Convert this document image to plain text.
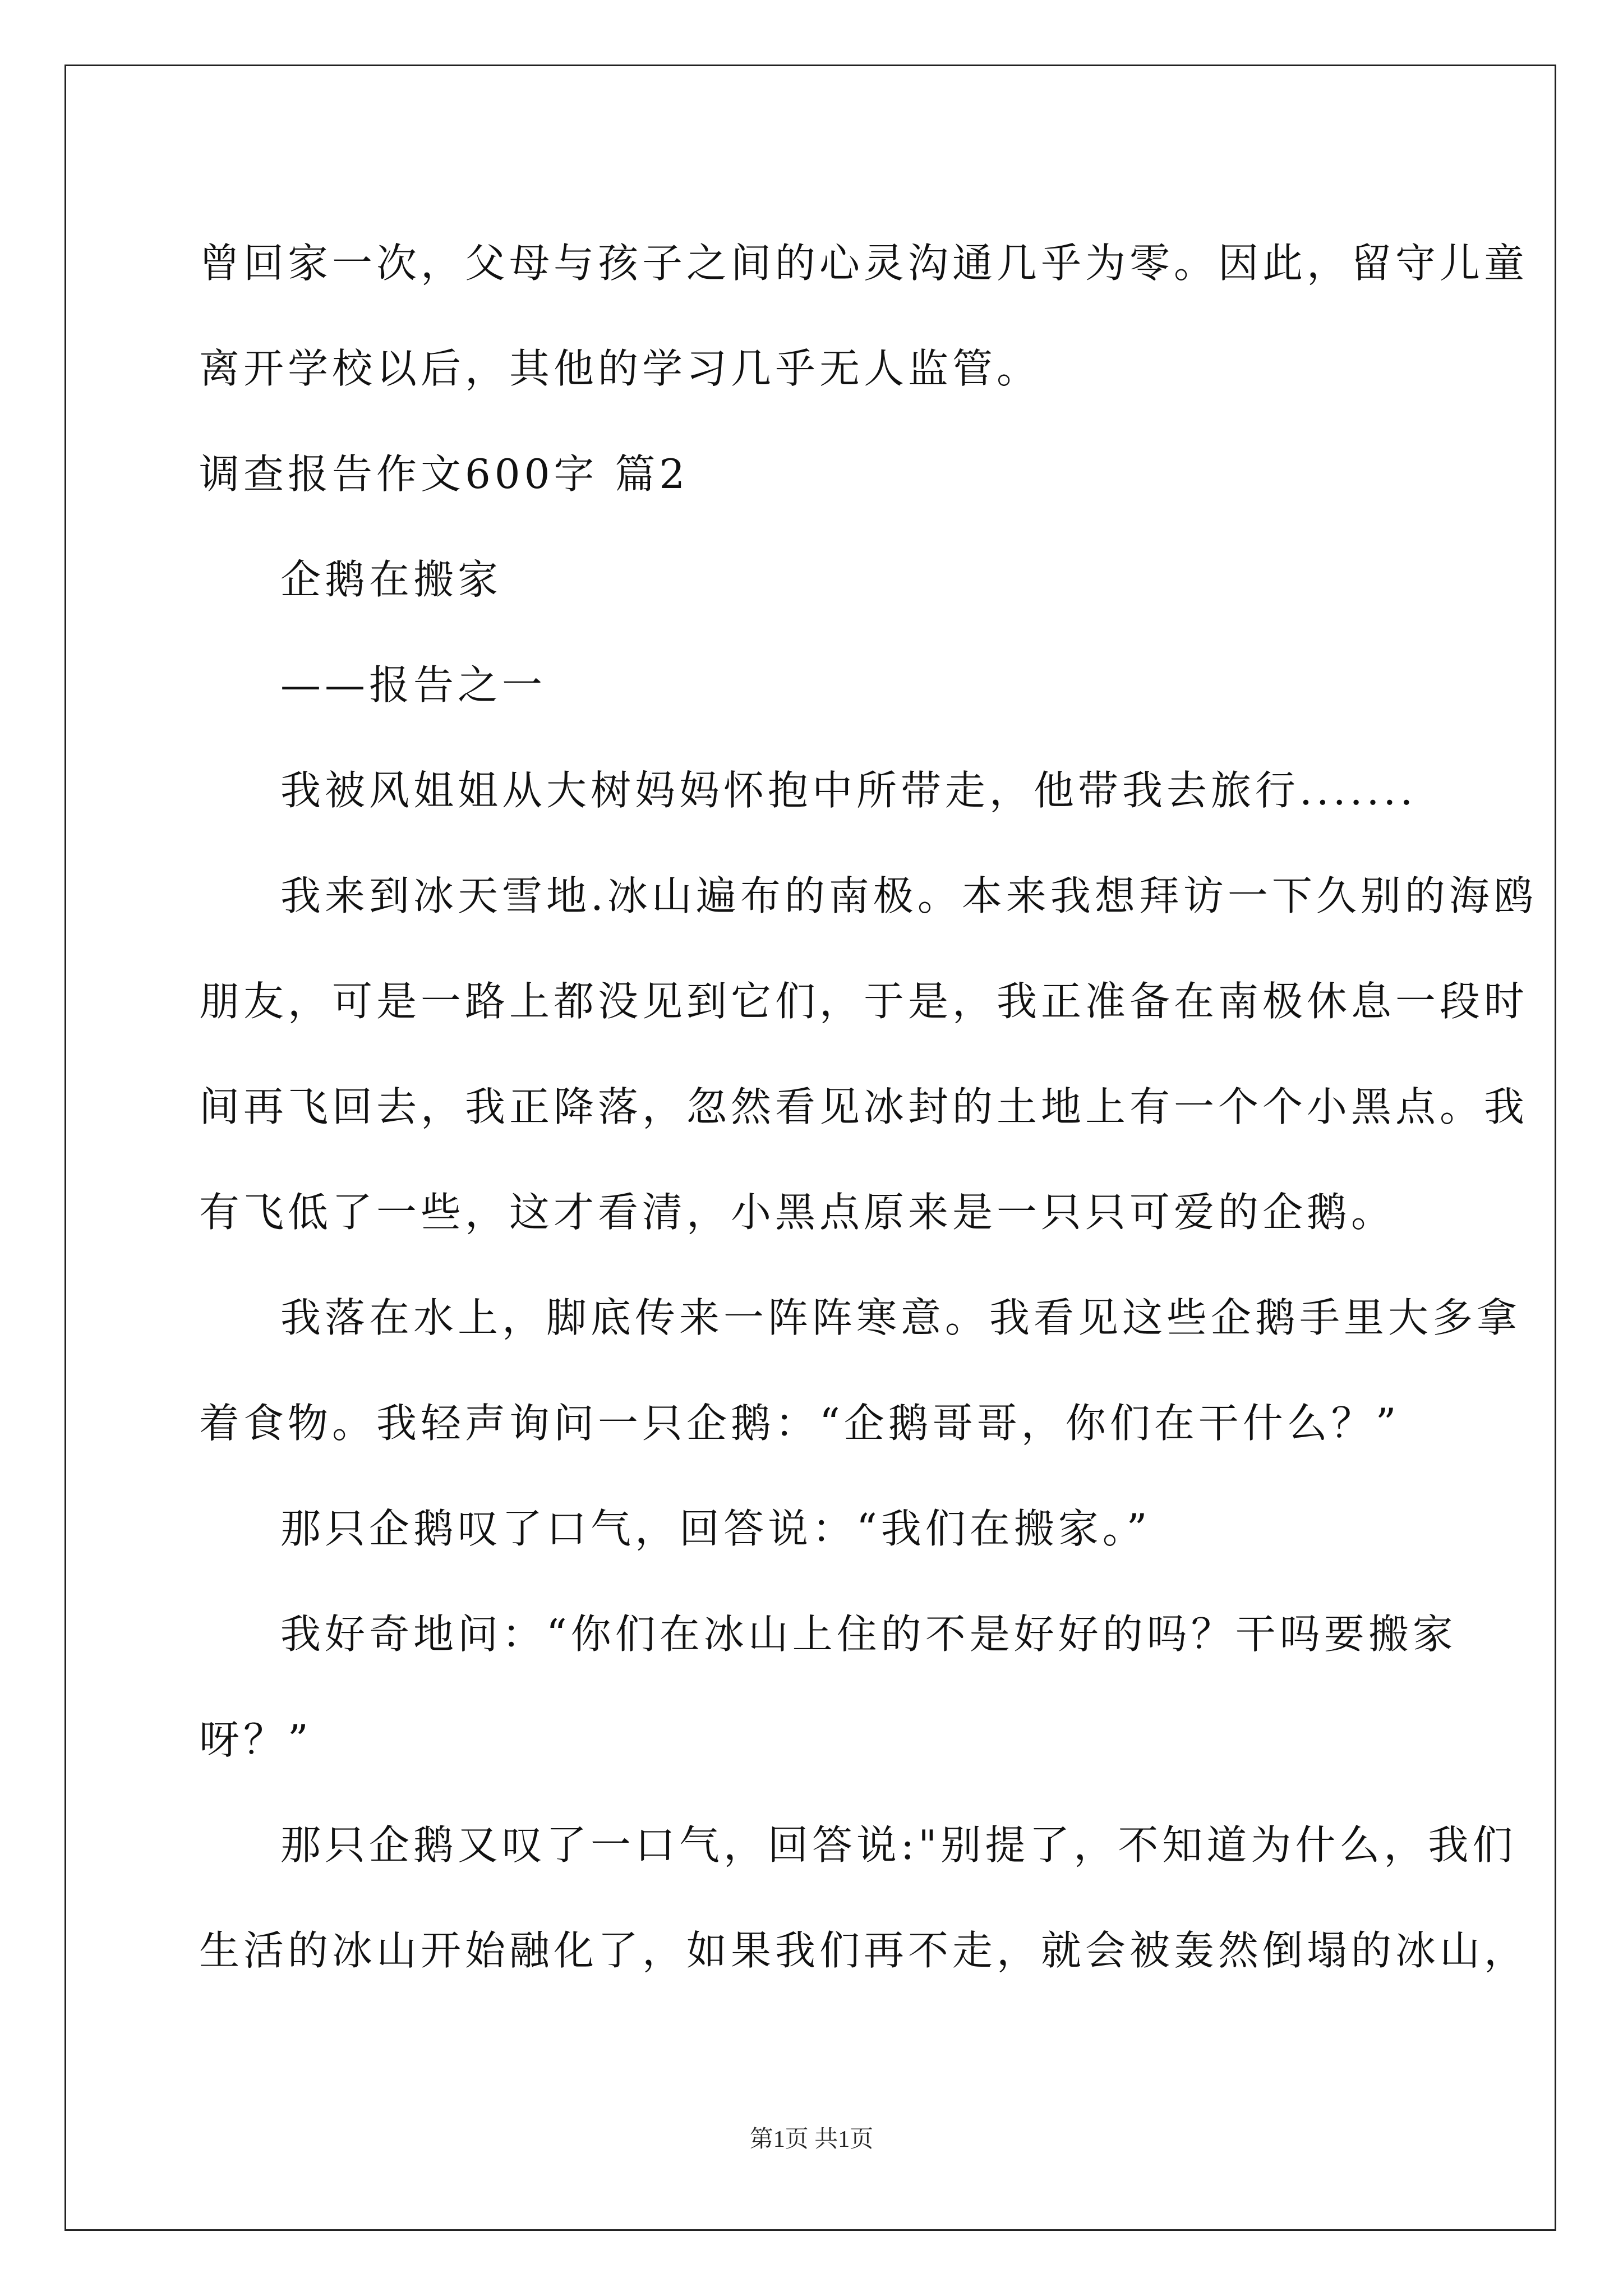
曾回家一次，父母与孩子之间的心灵沟通几乎为零。因此，留守儿童
离开学校以后，其他的学习几乎无人监管。
调查报告作文600字 篇2
企鹅在搬家
——报告之一
我被风姐姐从大树妈妈怀抱中所带走，他带我去旅行.......
我来到冰天雪地.冰山遍布的南极。本来我想拜访一下久别的海鸥
朋友，可是一路上都没见到它们，于是，我正准备在南极休息一段时
间再飞回去，我正降落，忽然看见冰封的土地上有一个个小黑点。我
有飞低了一些，这才看清，小黑点原来是一只只可爱的企鹅。
我落在水上，脚底传来一阵阵寒意。我看见这些企鹅手里大多拿
着食物。我轻声询问一只企鹅：“企鹅哥哥，你们在干什么？”
那只企鹅叹了口气，回答说：“我们在搬家。”
我好奇地问：“你们在冰山上住的不是好好的吗？干吗要搬家
呀？”
那只企鹅又叹了一口气，回答说:"别提了，不知道为什么，我们
生活的冰山开始融化了，如果我们再不走，就会被轰然倒塌的冰山，
第1页 共1页
